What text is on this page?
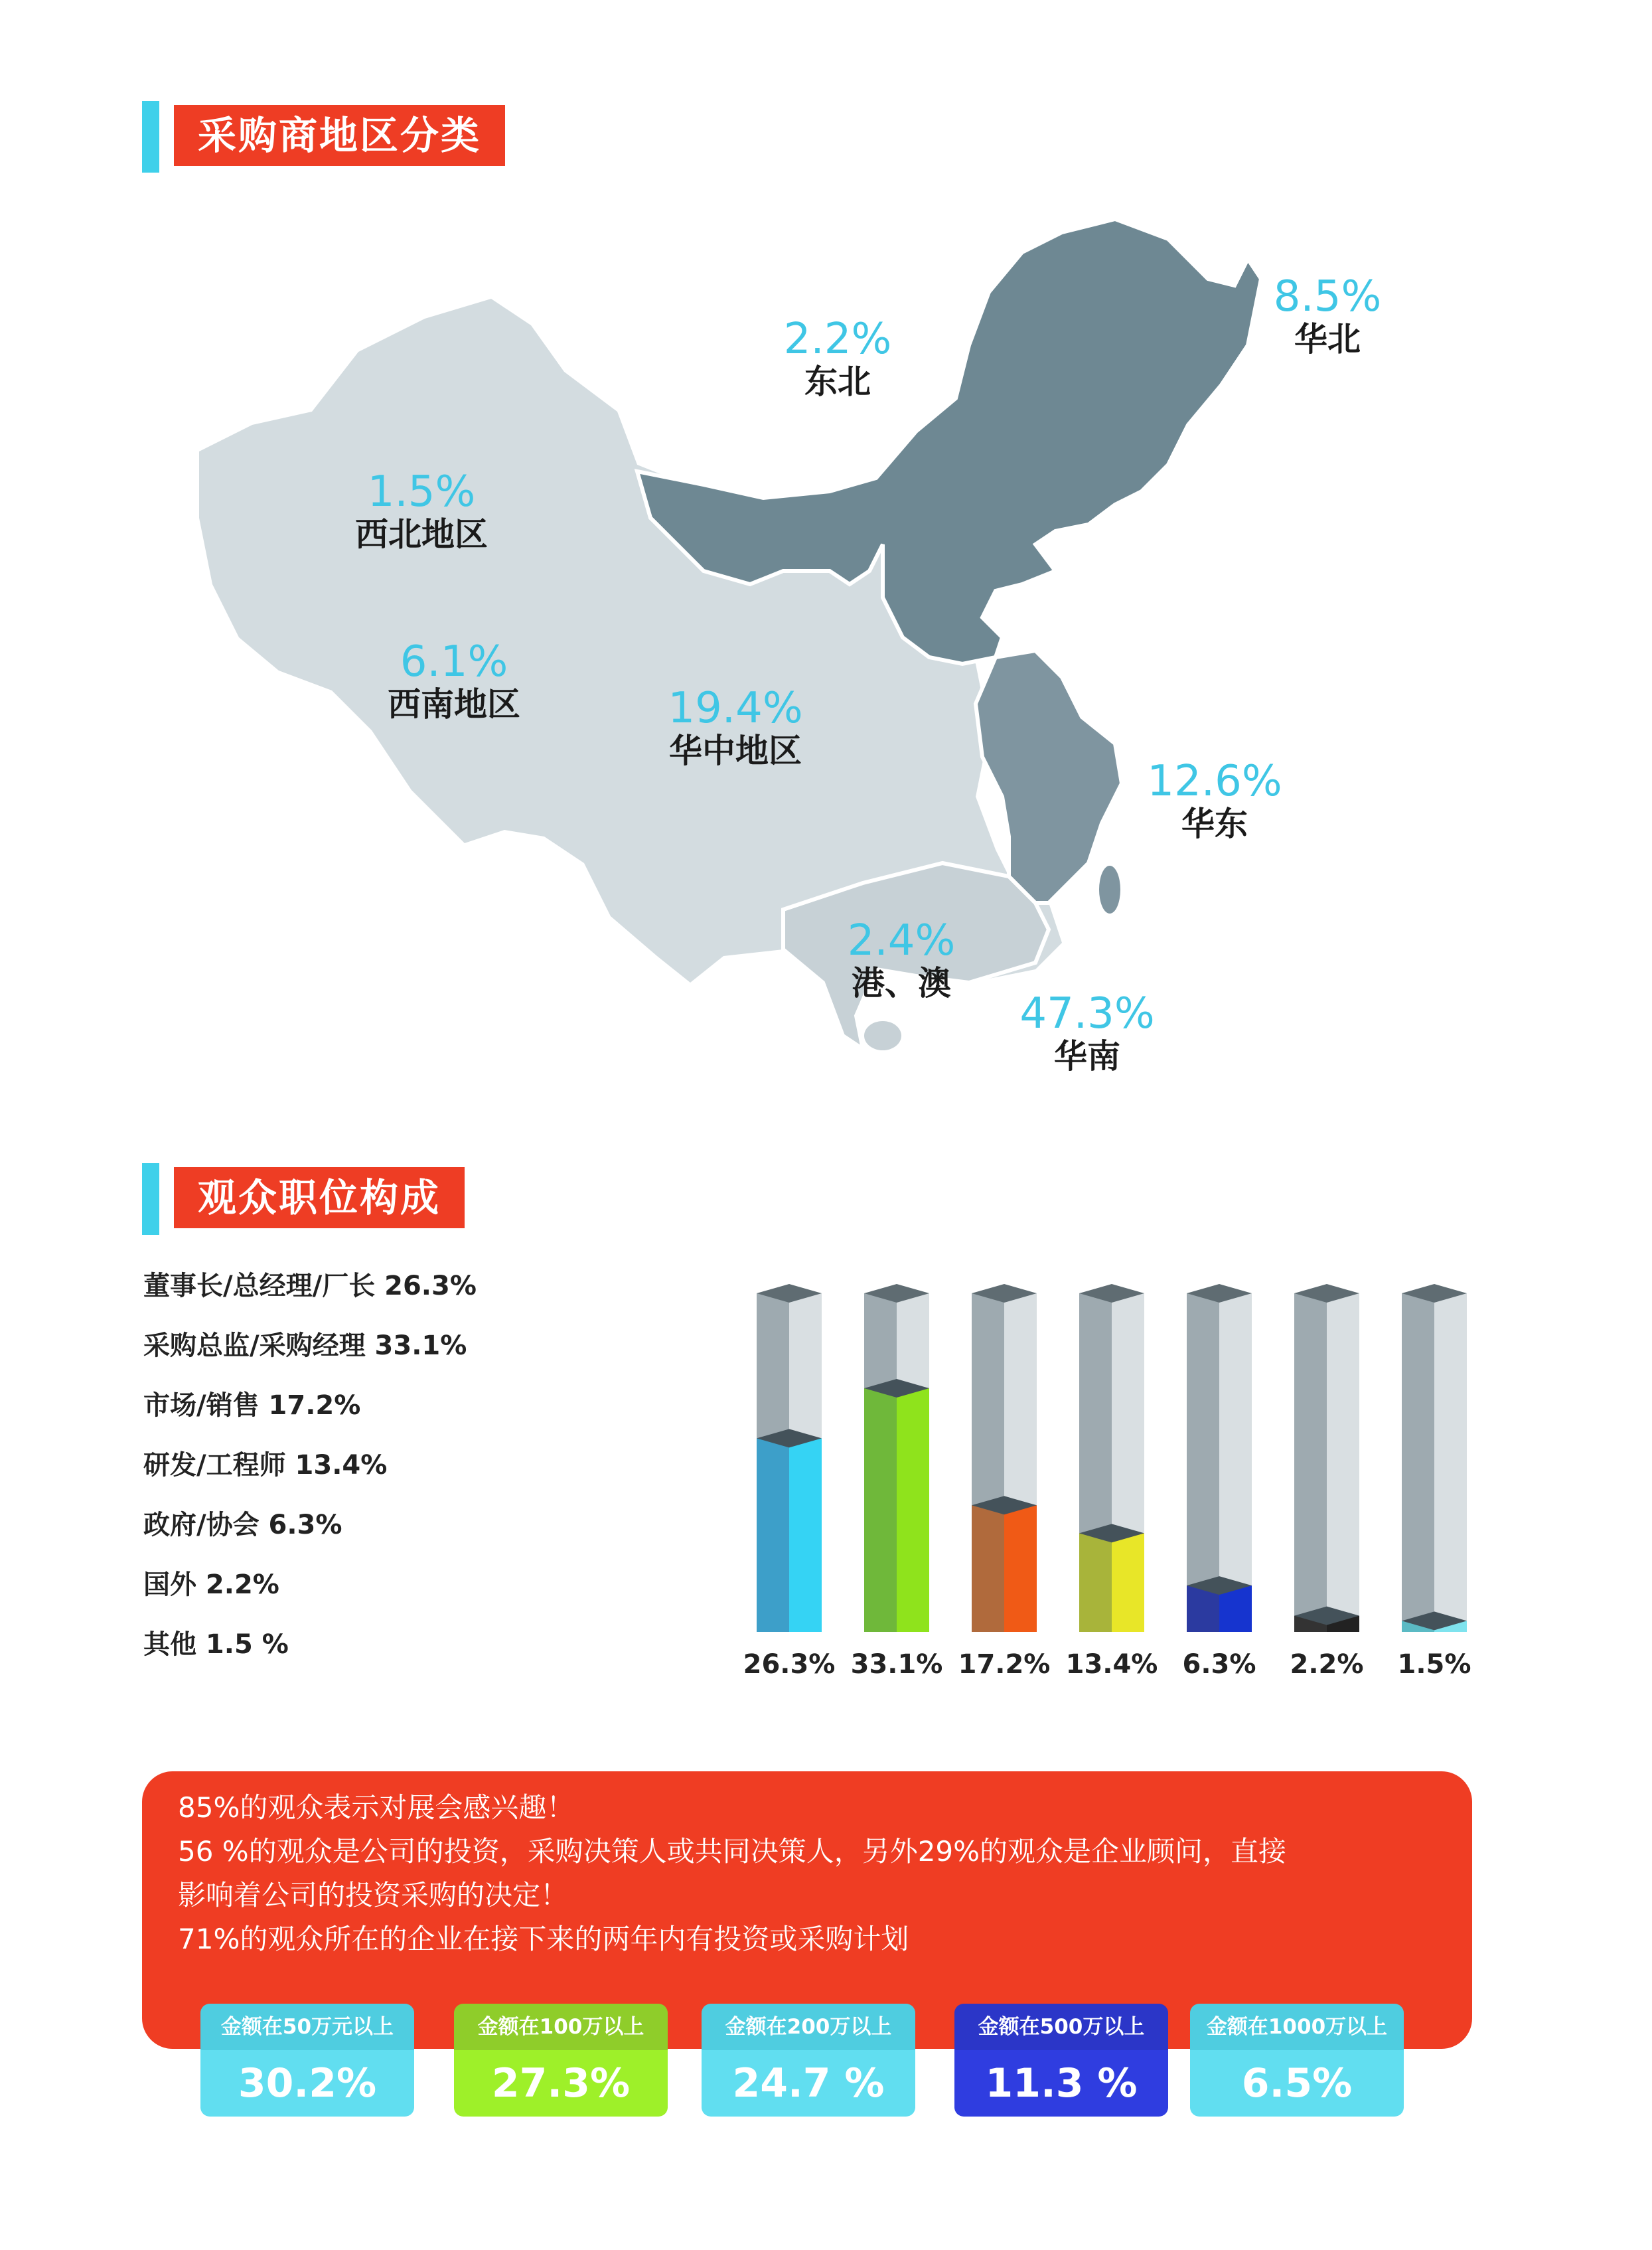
采购商地区分类
2.2%
东北
8.5%
华北
1.5%
西北地区
6.1%
西南地区	19.4%
华中地区
12.6%
华东
2.4%
港、澳
47.3%
华南
观众职位构成
董事长/总经理/厂长 26.3%
采购总监/采购经理 33.1%
市场/销售 17.2%
研发/工程师 13.4%
政府/协会 6.3%
国外 2.2%
其他 1.5 %
26.3% 33.1% 17.2% 13.4% 6.3% 2.2% 1.5%
85%的观众表示对展会感兴趣！
56 %的观众是公司的投资，采购决策人或共同决策人，另外29%的观众是企业顾问，直接
影响着公司的投资采购的决定！
71%的观众所在的企业在接下来的两年内有投资或采购计划
金额在50万元以上
30.2%
金额在100万以上
27.3%
金额在200万以上
24.7 %
金额在500万以上
11.3 %
金额在1000万以上
6.5%
